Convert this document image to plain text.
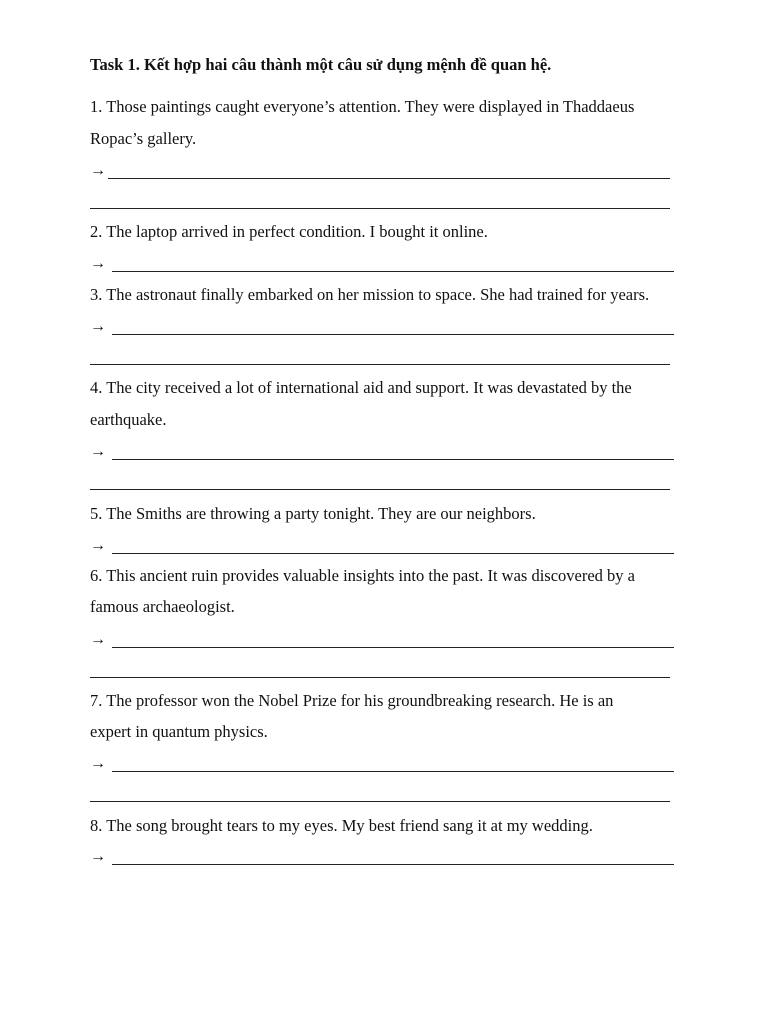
Task 1. Kết hợp hai câu thành một câu sử dụng mệnh đề quan hệ.
1. Those paintings caught everyone’s attention. They were displayed in Thaddaeus
Ropac’s gallery.
→
2. The laptop arrived in perfect condition. I bought it online.
→
3. The astronaut finally embarked on her mission to space. She had trained for years.
→
4. The city received a lot of international aid and support. It was devastated by the
earthquake.
→
5. The Smiths are throwing a party tonight. They are our neighbors.
→
6. This ancient ruin provides valuable insights into the past. It was discovered by a
famous archaeologist.
→
7. The professor won the Nobel Prize for his groundbreaking research. He is an
expert in quantum physics.
→
8. The song brought tears to my eyes. My best friend sang it at my wedding.
→
